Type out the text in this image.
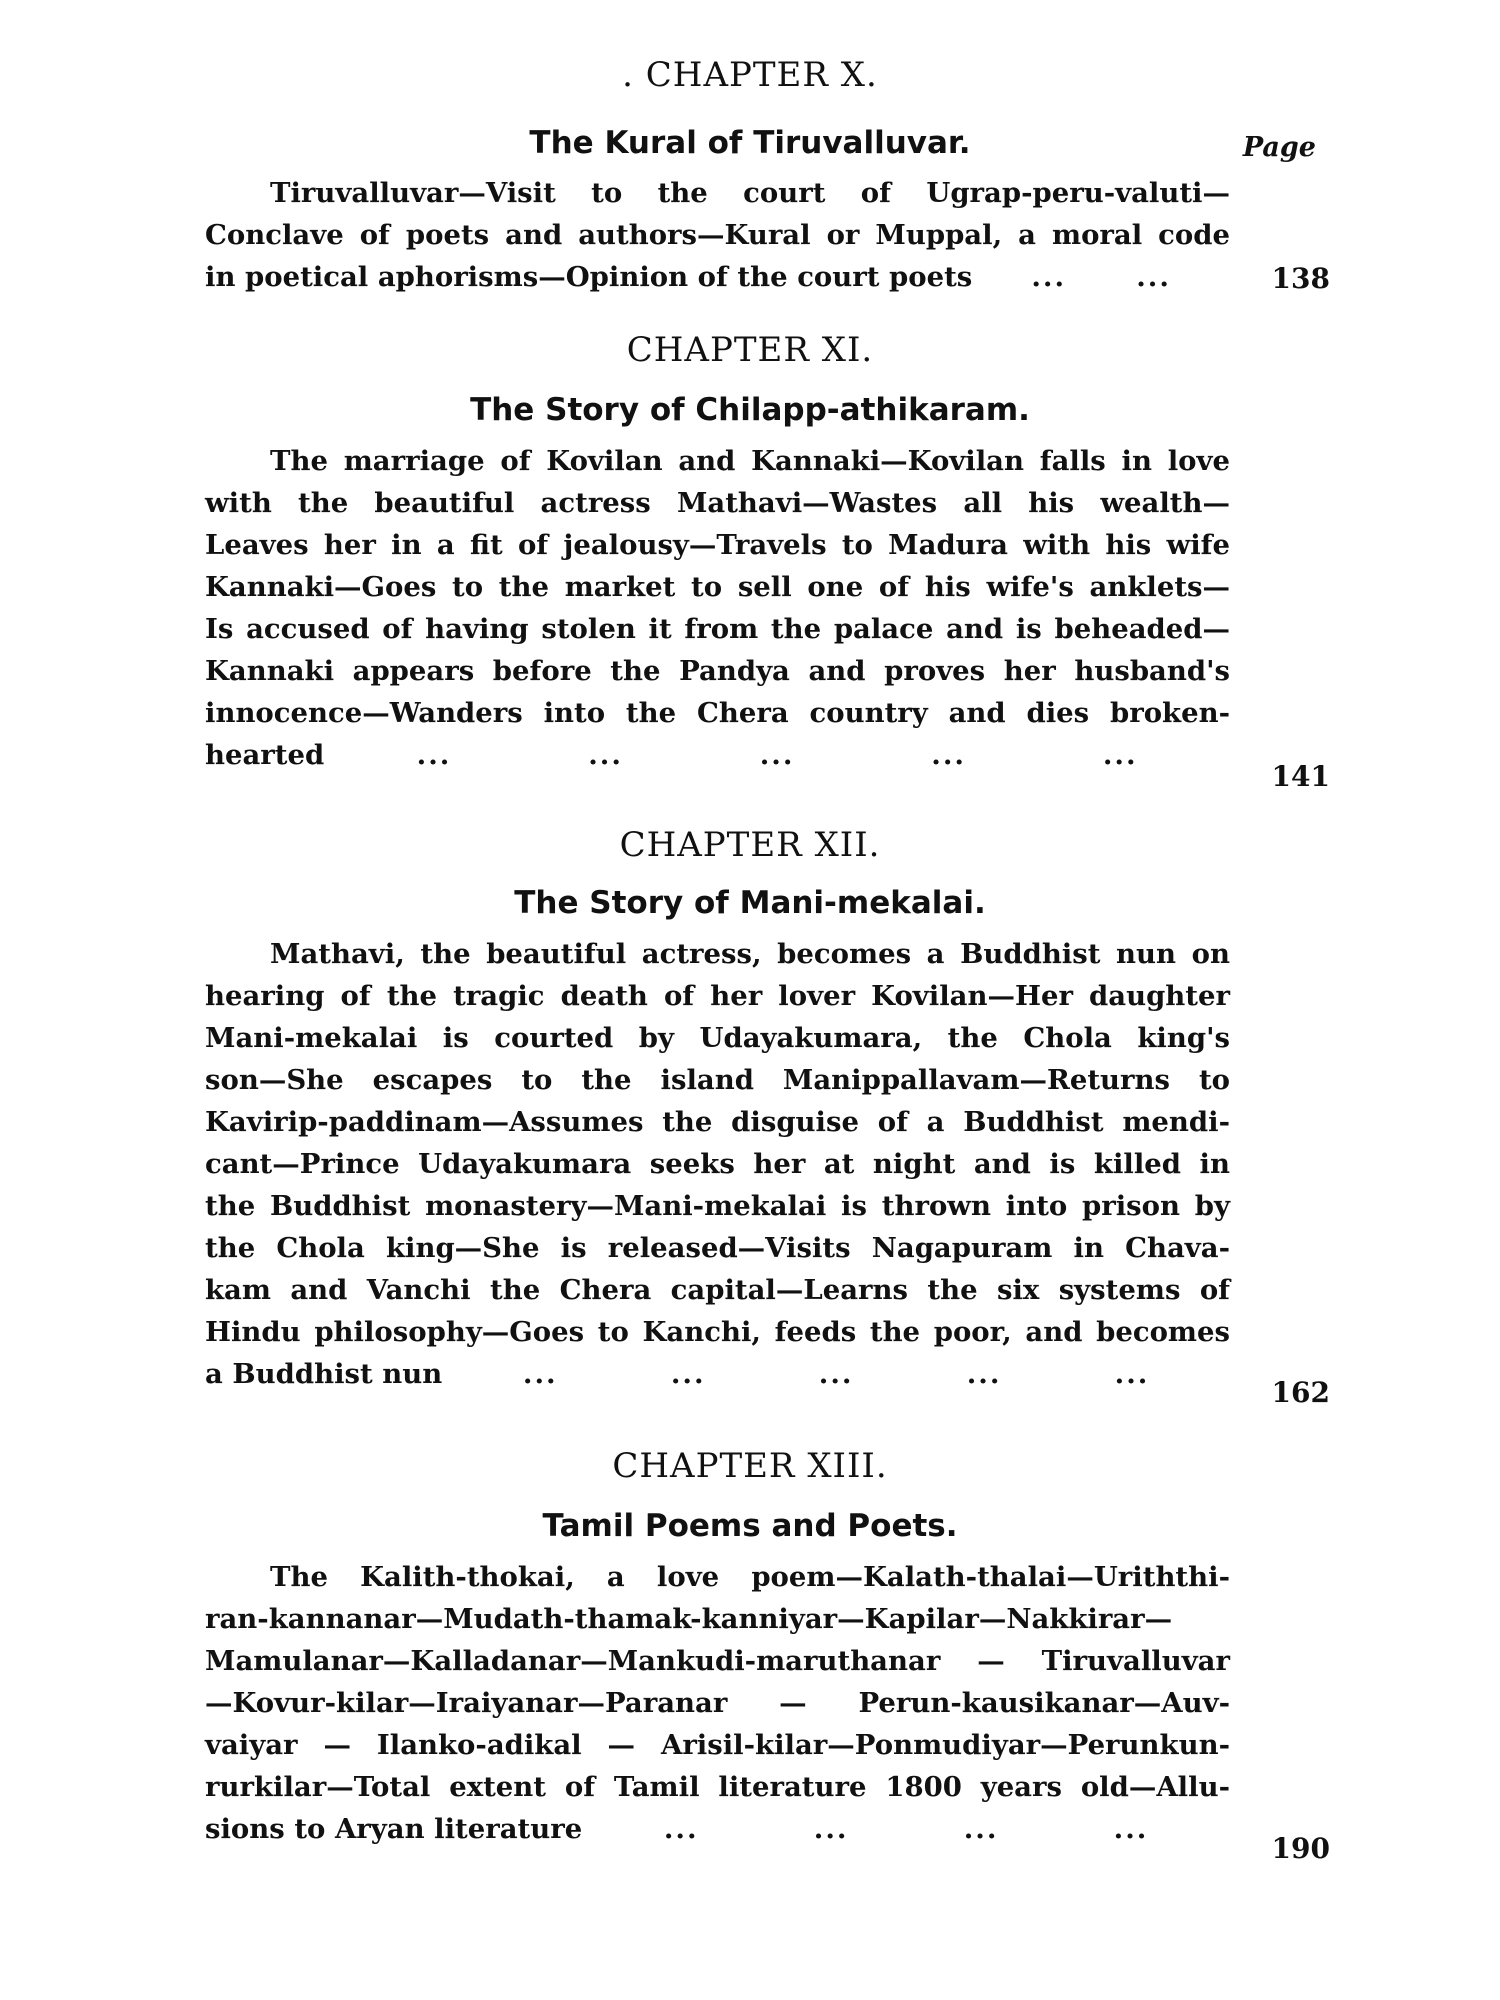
. CHAPTER X.
The Kural of Tiruvalluvar.	Page
Tiruvalluvar—Visit to the court of Ugrap-peru-valuti—
Conclave of poets and authors—Kural or Muppal, a moral code
in poetical aphorisms—Opinion of the court poets ...	...	138
CHAPTER XI.
The Story of Chilapp-athikaram.
The marriage of Kovilan and Kannaki—Kovilan falls in love
with the beautiful actress Mathavi—Wastes all his wealth—
Leaves her in a fit of jealousy—Travels to Madura with his wife
Kannaki—Goes to the market to sell one of his wife's anklets—
Is accused of having stolen it from the palace and is beheaded—
Kannaki appears before the Pandya and proves her husband's
innocence—Wanders into the Chera country and dies broken-
hearted	...	...	...	...	...
141
CHAPTER XII.
The Story of Mani-mekalai.
Mathavi, the beautiful actress, becomes a Buddhist nun on
hearing of the tragic death of her lover Kovilan—Her daughter
Mani-mekalai is courted by Udayakumara, the Chola king's
son—She escapes to the island Manippallavam—Returns to
Kavirip-paddinam—Assumes the disguise of a Buddhist mendi-
cant—Prince Udayakumara seeks her at night and is killed in
the Buddhist monastery—Mani-mekalai is thrown into prison by
the Chola king—She is released—Visits Nagapuram in Chava-
kam and Vanchi the Chera capital—Learns the six systems of
Hindu philosophy—Goes to Kanchi, feeds the poor, and becomes
a Buddhist nun	...	...	...	...	...
162
CHAPTER XIII.
Tamil Poems and Poets.
The Kalith-thokai, a love poem—Kalath-thalai—Uriththi-
ran-kannanar—Mudath-thamak-kanniyar—Kapilar—Nakkirar—
Mamulanar—Kalladanar—Mankudi-maruthanar — Tiruvalluvar
—Kovur-kilar—Iraiyanar—Paranar — Perun-kausikanar—Auv-
vaiyar — Ilanko-adikal — Arisil-kilar—Ponmudiyar—Perunkun-
rurkilar—Total extent of Tamil literature 1800 years old—Allu-
sions to Aryan literature	...	...	...	...
190
